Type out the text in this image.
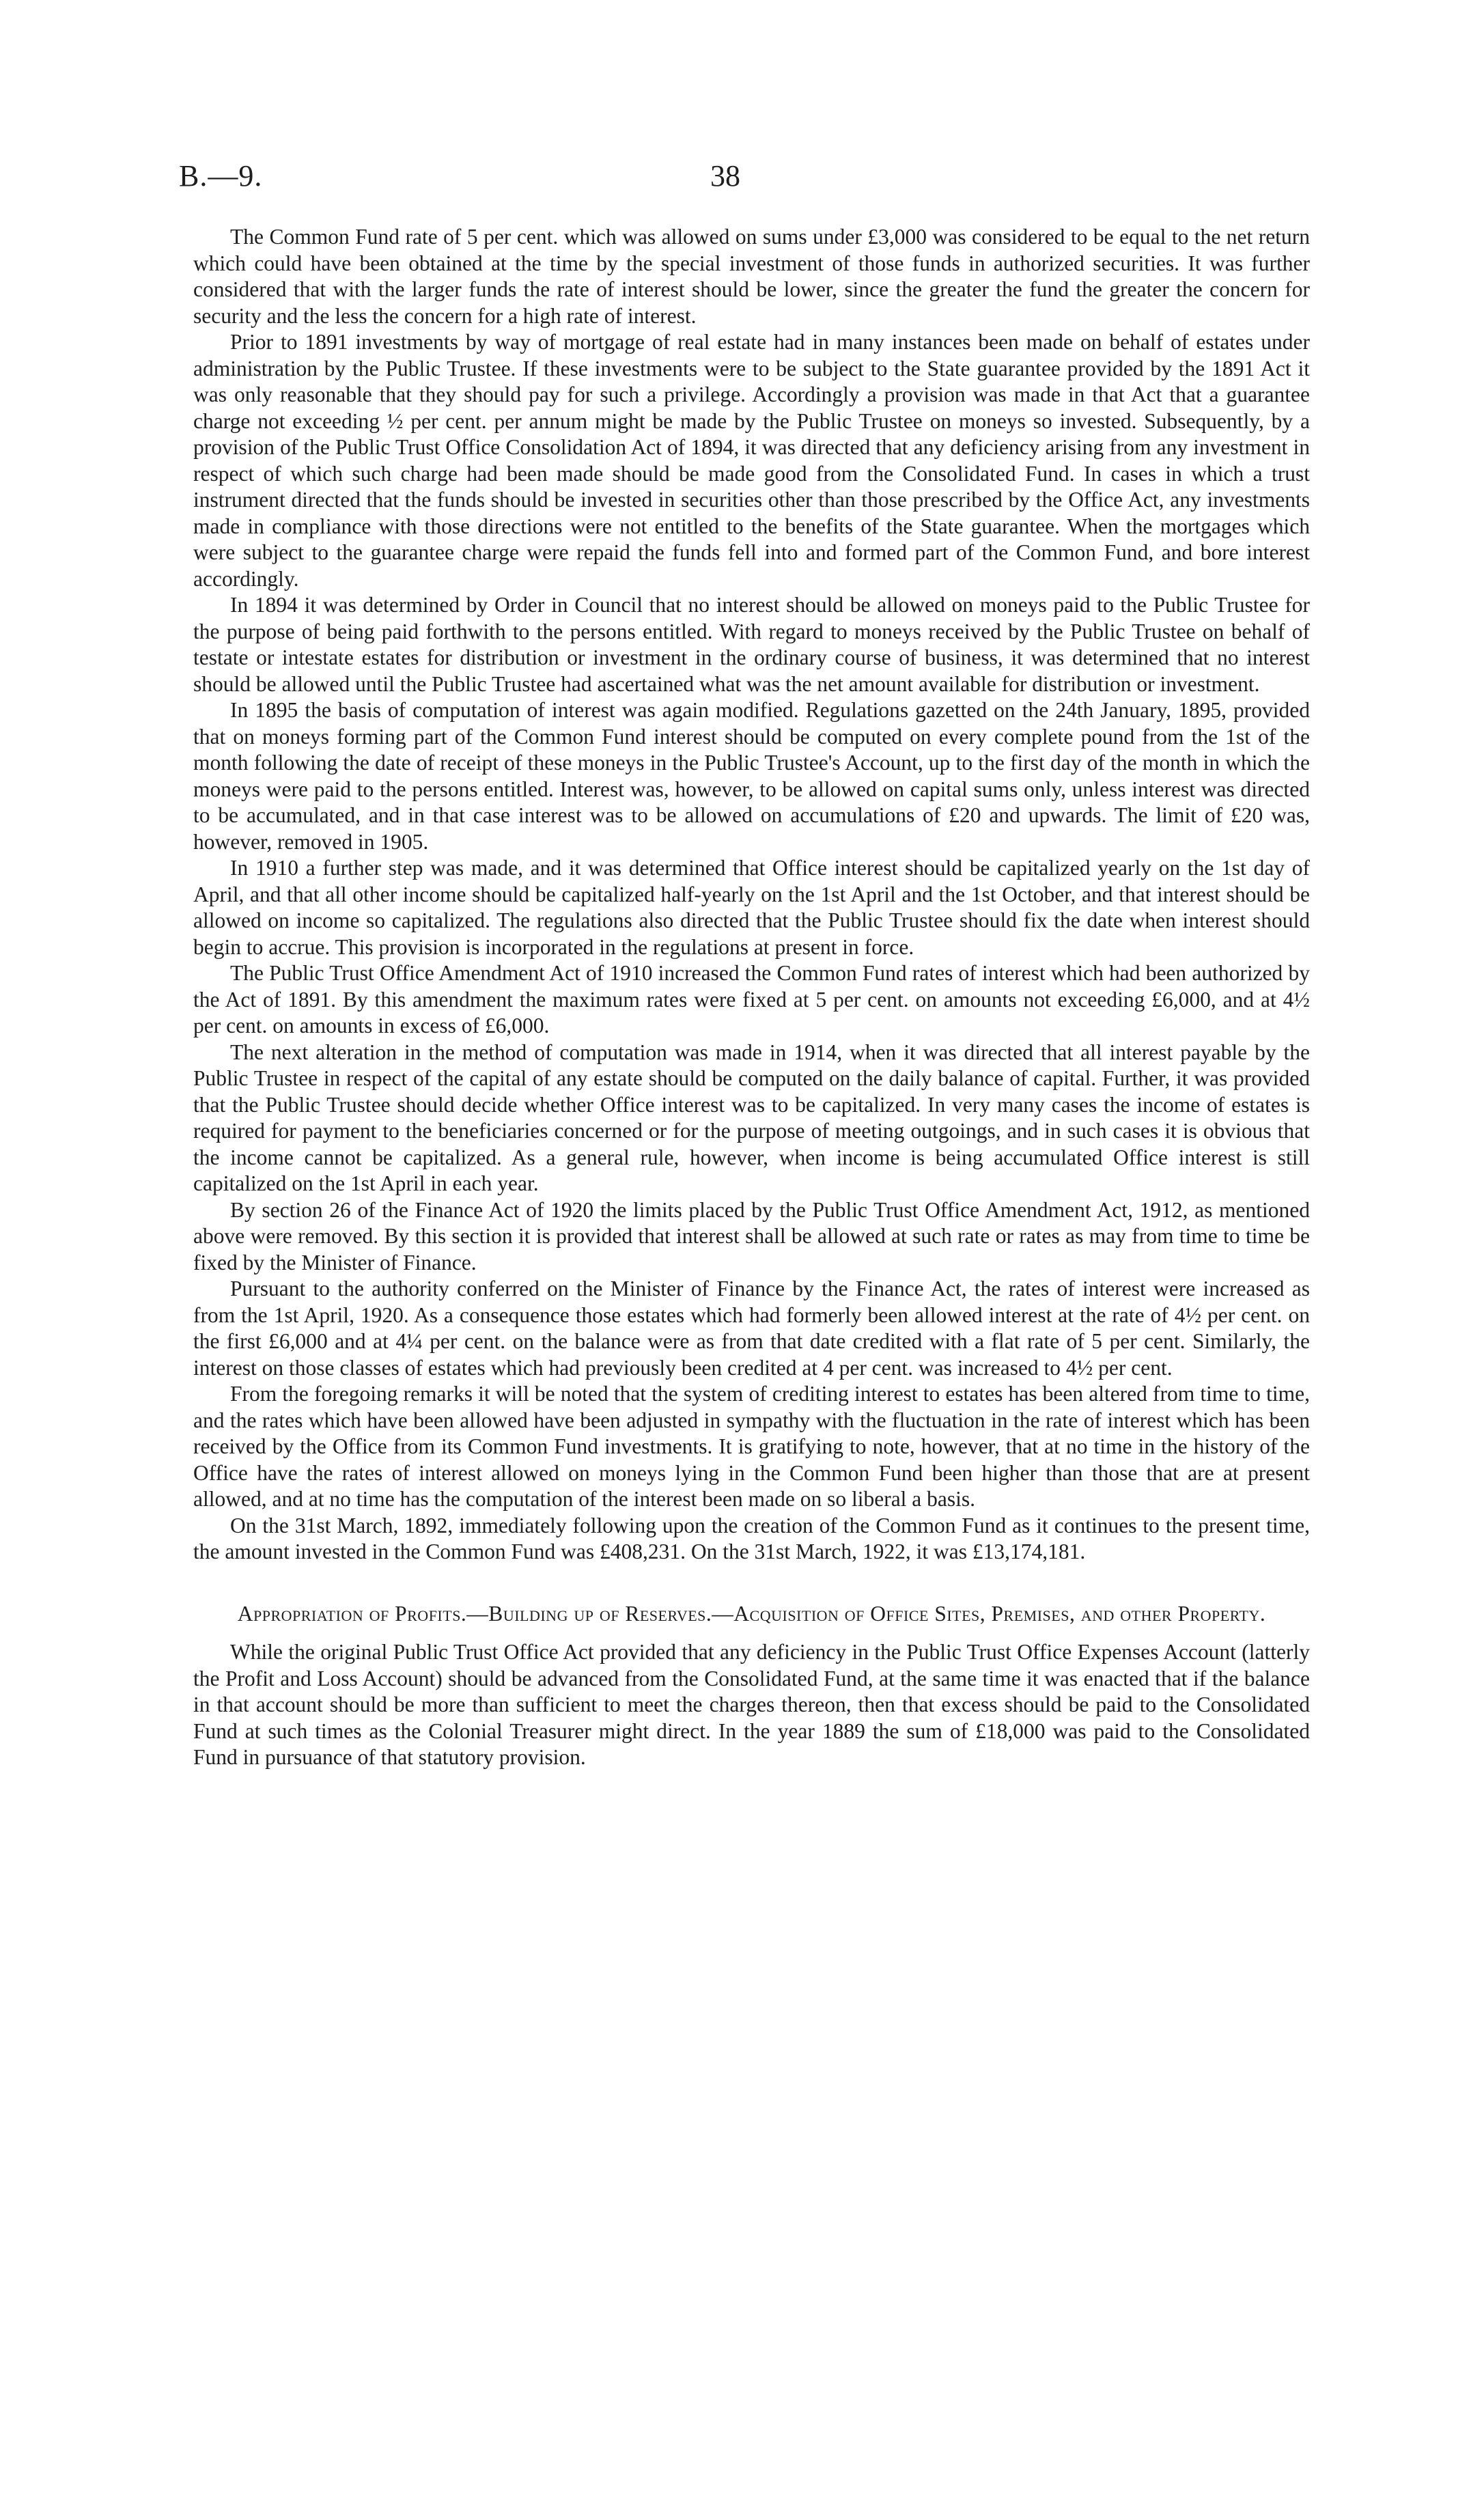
B.—9.	38

The Common Fund rate of 5 per cent. which was allowed on sums under £3,000 was considered to be equal to the net return which could have been obtained at the time by the special investment of those funds in authorized securities. It was further considered that with the larger funds the rate of interest should be lower, since the greater the fund the greater the concern for security and the less the concern for a high rate of interest.

Prior to 1891 investments by way of mortgage of real estate had in many instances been made on behalf of estates under administration by the Public Trustee. If these investments were to be subject to the State guarantee provided by the 1891 Act it was only reasonable that they should pay for such a privilege. Accordingly a provision was made in that Act that a guarantee charge not exceeding ½ per cent. per annum might be made by the Public Trustee on moneys so invested. Subsequently, by a provision of the Public Trust Office Consolidation Act of 1894, it was directed that any deficiency arising from any investment in respect of which such charge had been made should be made good from the Consolidated Fund. In cases in which a trust instrument directed that the funds should be invested in securities other than those prescribed by the Office Act, any investments made in compliance with those directions were not entitled to the benefits of the State guarantee. When the mortgages which were subject to the guarantee charge were repaid the funds fell into and formed part of the Common Fund, and bore interest accordingly.

In 1894 it was determined by Order in Council that no interest should be allowed on moneys paid to the Public Trustee for the purpose of being paid forthwith to the persons entitled. With regard to moneys received by the Public Trustee on behalf of testate or intestate estates for distribution or investment in the ordinary course of business, it was determined that no interest should be allowed until the Public Trustee had ascertained what was the net amount available for distribution or investment.

In 1895 the basis of computation of interest was again modified. Regulations gazetted on the 24th January, 1895, provided that on moneys forming part of the Common Fund interest should be computed on every complete pound from the 1st of the month following the date of receipt of these moneys in the Public Trustee's Account, up to the first day of the month in which the moneys were paid to the persons entitled. Interest was, however, to be allowed on capital sums only, unless interest was directed to be accumulated, and in that case interest was to be allowed on accumulations of £20 and upwards. The limit of £20 was, however, removed in 1905.

In 1910 a further step was made, and it was determined that Office interest should be capitalized yearly on the 1st day of April, and that all other income should be capitalized half-yearly on the 1st April and the 1st October, and that interest should be allowed on income so capitalized. The regulations also directed that the Public Trustee should fix the date when interest should begin to accrue. This provision is incorporated in the regulations at present in force.

The Public Trust Office Amendment Act of 1910 increased the Common Fund rates of interest which had been authorized by the Act of 1891. By this amendment the maximum rates were fixed at 5 per cent. on amounts not exceeding £6,000, and at 4½ per cent. on amounts in excess of £6,000.

The next alteration in the method of computation was made in 1914, when it was directed that all interest payable by the Public Trustee in respect of the capital of any estate should be computed on the daily balance of capital. Further, it was provided that the Public Trustee should decide whether Office interest was to be capitalized. In very many cases the income of estates is required for payment to the beneficiaries concerned or for the purpose of meeting outgoings, and in such cases it is obvious that the income cannot be capitalized. As a general rule, however, when income is being accumulated Office interest is still capitalized on the 1st April in each year.

By section 26 of the Finance Act of 1920 the limits placed by the Public Trust Office Amendment Act, 1912, as mentioned above were removed. By this section it is provided that interest shall be allowed at such rate or rates as may from time to time be fixed by the Minister of Finance.

Pursuant to the authority conferred on the Minister of Finance by the Finance Act, the rates of interest were increased as from the 1st April, 1920. As a consequence those estates which had formerly been allowed interest at the rate of 4½ per cent. on the first £6,000 and at 4¼ per cent. on the balance were as from that date credited with a flat rate of 5 per cent. Similarly, the interest on those classes of estates which had previously been credited at 4 per cent. was increased to 4½ per cent.

From the foregoing remarks it will be noted that the system of crediting interest to estates has been altered from time to time, and the rates which have been allowed have been adjusted in sympathy with the fluctuation in the rate of interest which has been received by the Office from its Common Fund investments. It is gratifying to note, however, that at no time in the history of the Office have the rates of interest allowed on moneys lying in the Common Fund been higher than those that are at present allowed, and at no time has the computation of the interest been made on so liberal a basis.

On the 31st March, 1892, immediately following upon the creation of the Common Fund as it continues to the present time, the amount invested in the Common Fund was £408,231. On the 31st March, 1922, it was £13,174,181.

Appropriation of Profits.—Building up of Reserves.—Acquisition of Office Sites, Premises, and other Property.

While the original Public Trust Office Act provided that any deficiency in the Public Trust Office Expenses Account (latterly the Profit and Loss Account) should be advanced from the Consolidated Fund, at the same time it was enacted that if the balance in that account should be more than sufficient to meet the charges thereon, then that excess should be paid to the Consolidated Fund at such times as the Colonial Treasurer might direct. In the year 1889 the sum of £18,000 was paid to the Consolidated Fund in pursuance of that statutory provision.
